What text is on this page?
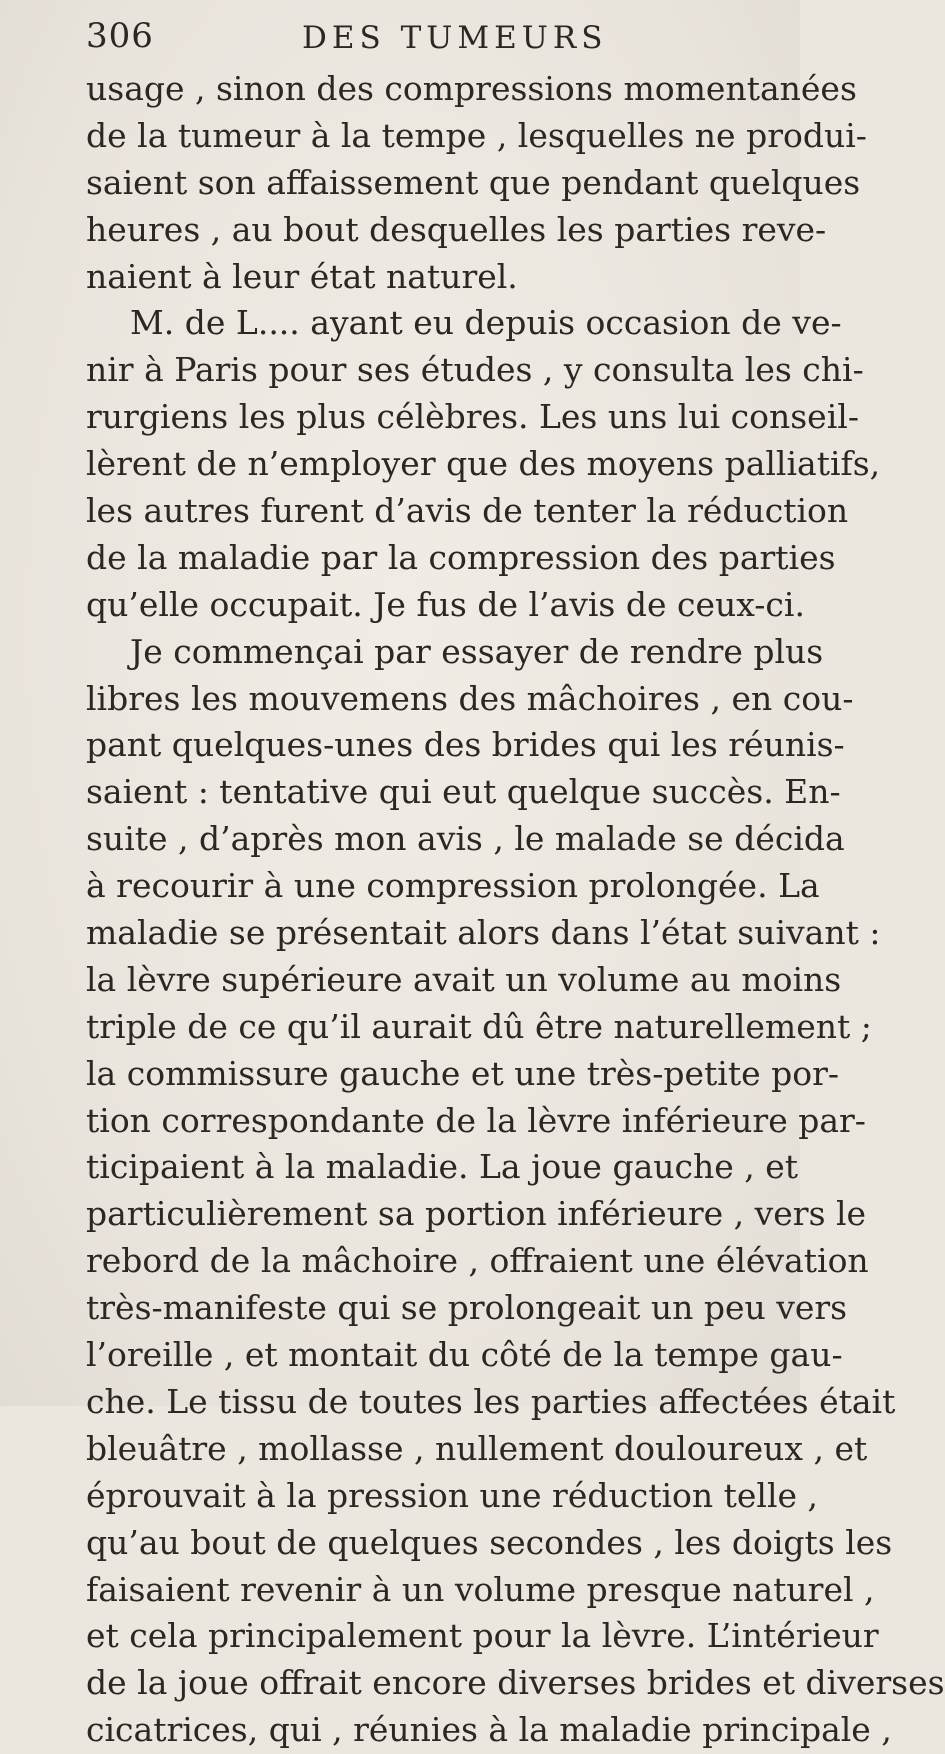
306	DES TUMEURS
usage , sinon des compressions momentanées
de la tumeur à la tempe , lesquelles ne produi-
saient son affaissement que pendant quelques
heures , au bout desquelles les parties reve-
naient à leur état naturel.
M. de L.... ayant eu depuis occasion de ve-
nir à Paris pour ses études , y consulta les chi-
rurgiens les plus célèbres. Les uns lui conseil-
lèrent de n’employer que des moyens palliatifs,
les autres furent d’avis de tenter la réduction
de la maladie par la compression des parties
qu’elle occupait. Je fus de l’avis de ceux-ci.
Je commençai par essayer de rendre plus
libres les mouvemens des mâchoires , en cou-
pant quelques-unes des brides qui les réunis-
saient : tentative qui eut quelque succès. En-
suite , d’après mon avis , le malade se décida
à recourir à une compression prolongée. La
maladie se présentait alors dans l’état suivant :
la lèvre supérieure avait un volume au moins
triple de ce qu’il aurait dû être naturellement ;
la commissure gauche et une très-petite por-
tion correspondante de la lèvre inférieure par-
ticipaient à la maladie. La joue gauche , et
particulièrement sa portion inférieure , vers le
rebord de la mâchoire , offraient une élévation
très-manifeste qui se prolongeait un peu vers
l’oreille , et montait du côté de la tempe gau-
che. Le tissu de toutes les parties affectées était
bleuâtre , mollasse , nullement douloureux , et
éprouvait à la pression une réduction telle ,
qu’au bout de quelques secondes , les doigts les
faisaient revenir à un volume presque naturel ,
et cela principalement pour la lèvre. L’intérieur
de la joue offrait encore diverses brides et diverses
cicatrices, qui , réunies à la maladie principale ,
